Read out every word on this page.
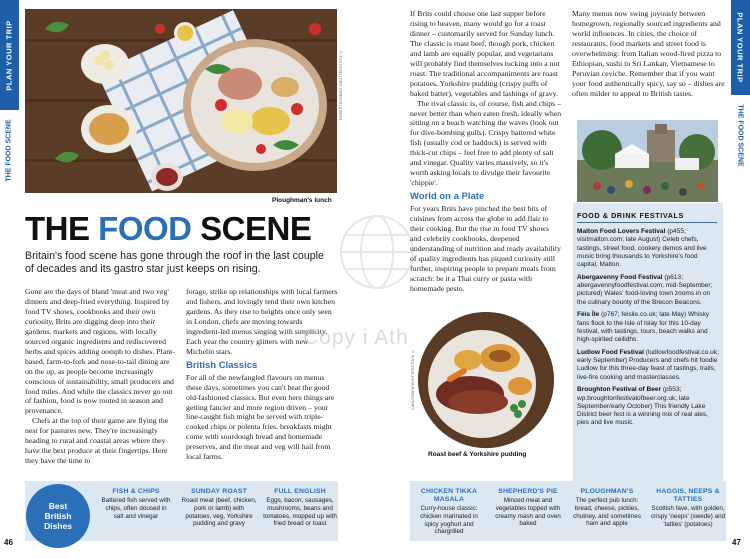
PLAN YOUR TRIP
THE FOOD SCENE
PLAN YOUR TRIP
THE FOOD SCENE
ROBERTSCHMIDT/SHUTTERSTOCK ©
Ploughman's lunch
THE FOOD SCENE
Britain's food scene has gone through the roof in the last couple of decades and its gastro star just keeps on rising.

Gone are the days of bland 'meat and two veg' dinners and deep-fried everything. Inspired by food TV shows, cookbooks and their own curiosity, Brits are digging deep into their gardens, markets and regions, with locally sourced organic ingredients and rediscovered herbs and spices adding oomph to dishes. Plant-based, farm-to-fork and nose-to-tail dining are on the up, as people become increasingly conscious of sustainability, small producers and food miles. And while the classics never go out of fashion, food is now rooted in season and provenance.

Chefs at the top of their game are flying the nest for pastures new. They're increasingly heading to rural and coastal areas where they have the best produce at their fingertips. Here they have the time to

forage, strike up relationships with local farmers and fishers, and lovingly tend their own kitchen gardens. As they rise to heights once only seen in London, chefs are moving towards ingredient-led menus singing with simplicity. Each year the country glitters with new Michelin stars.

British Classics

For all of the newfangled flavours on menus these days, sometimes you can't beat the good old-fashioned classics. But even here things are getting fancier and more region driven – your line-caught fish might be served with triple-cooked chips or polenta fries, breakfasts might come with sourdough bread and homemade preserves, and the meat and veg will hail from local farms.

If Brits could choose one last supper before rising to heaven, many would go for a roast dinner – customarily served for Sunday lunch. The classic is roast beef, though pork, chicken and lamb are equally popular, and vegetarians will probably find themselves tucking into a nut roast. The traditional accompaniments are roast potatoes, Yorkshire pudding (crispy puffs of baked batter), vegetables and lashings of gravy.

The rival classic is, of course, fish and chips – never better than when eaten fresh, ideally when sitting on a beach watching the waves (look out for dive-bombing gulls). Crispy battered white fish (usually cod or haddock) is served with thick-cut chips – feel free to add plenty of salt and vinegar. Quality varies massively, so it's worth asking locals to divulge their favourite 'chippie'.

World on a Plate

For years Brits have pinched the best bits of cuisines from across the globe to add flair to their cooking. But the rise in food TV shows and celebrity cookbooks, deepened understanding of nutrition and ready availability of quality ingredients has piqued curiosity still further, inspiring people to prepare meals from scratch: be it a Thai curry or pasta with homemade pesto.

CARLOSBCN/SHUTTERSTOCK ©
Roast beef & Yorkshire pudding

Many menus now swing joyously between homegrown, regionally sourced ingredients and world influences. In cities, the choice of restaurants, food markets and street food is overwhelming: from Italian wood-fired pizza to Ethiopian, sushi to Sri Lankan, Vietnamese to Peruvian ceviche. Remember that if you want your food authentically spicy, say so – dishes are often milder to appeal to British tastes.

FOOD & DRINK FESTIVALS
Malton Food Lovers Festival (p455; visitmalton.com; late August) Celeb chefs, tastings, street food, cookery demos and live music bring thousands to Yorkshire's food capital, Malton.
Abergavenny Food Festival (p613; abergavennyfoodfestival.com; mid-September; pictured) Wales' food-loving town zooms in on the culinary bounty of the Brecon Beacons.
Fèis Ìle (p767; feisile.co.uk; late May) Whisky fans flock to the Isle of Islay for this 10-day festival, with tastings, tours, beach walks and high-spirited ceilidhs.
Ludlow Food Festival (ludlowfoodfestival.co.uk; early September) Producers and chefs hit foodie Ludlow for this three-day feast of tastings, trails, live-fire cooking and masterclasses.
Broughton Festival of Beer (p553; wp.broughtonfestivalofbeer.org.uk; late September/early October) This friendly Lake District beer fest is a winning mix of real ales, pies and live music.
Best British Dishes
FISH & CHIPS
Battered fish served with chips, often doused in salt and vinegar
SUNDAY ROAST
Roast meat (beef, chicken, pork or lamb) with potatoes, veg, Yorkshire pudding and gravy
FULL ENGLISH
Eggs, bacon, sausages, mushrooms, beans and tomatoes, mopped up with fried bread or toast
CHICKEN TIKKA MASALA
Curry-house classic: chicken marinated in spicy yoghurt and chargrilled
SHEPHERD'S PIE
Minced meat and vegetables topped with creamy mash and oven baked
PLOUGHMAN'S
The perfect pub lunch: bread, cheese, pickles, chutney, and sometimes ham and apple
HAGGIS, NEEPS & TATTIES
Scottish fave, with golden, crispy 'neeps' (swede) and 'tatties' (potatoes)
46	47
Copy i Ath
